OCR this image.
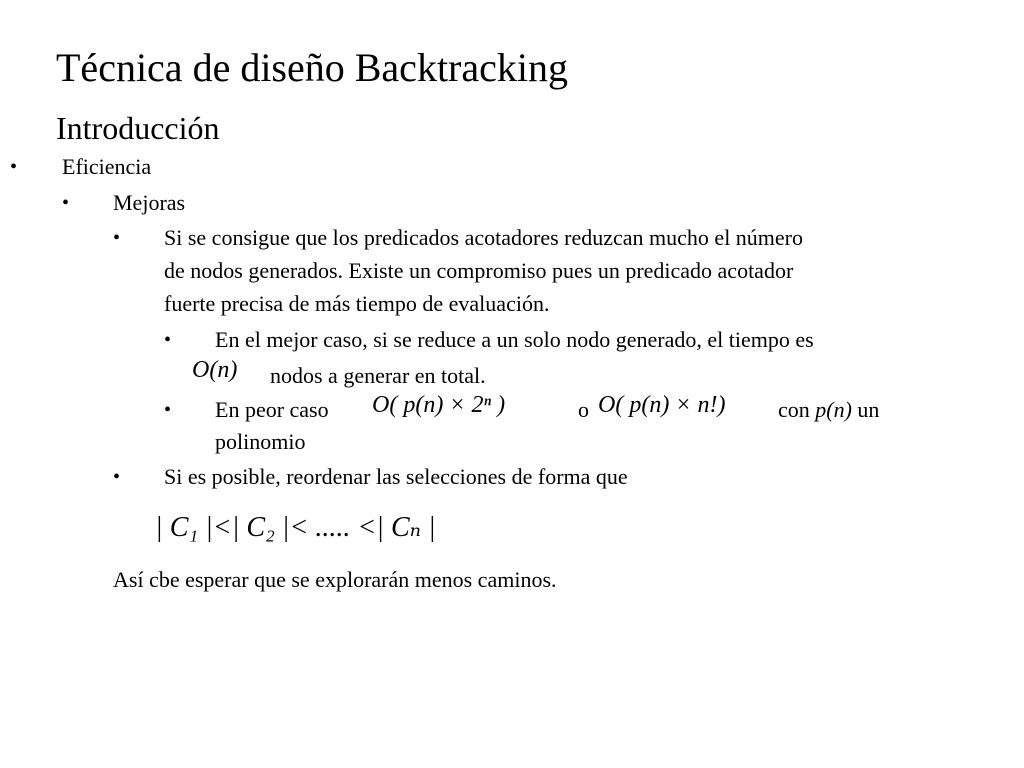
Técnica de diseño Backtracking
Introducción
• Eficiencia
• Mejoras
• Si se consigue que los predicados acotadores reduzcan mucho el número
de nodos generados. Existe un compromiso pues un predicado acotador
fuerte precisa de más tiempo de evaluación.
• En el mejor caso, si se reduce a un solo nodo generado, el tiempo es
O(n) nodos a generar en total.
• En peor caso O( p(n) × 2ⁿ )	o O( p(n) × n!) con p(n) un
polinomio
• Si es posible, reordenar las selecciones de forma que
| C₁ |<| C₂ |< ..... <| Cₙ |
Así cbe esperar que se explorarán menos caminos.
